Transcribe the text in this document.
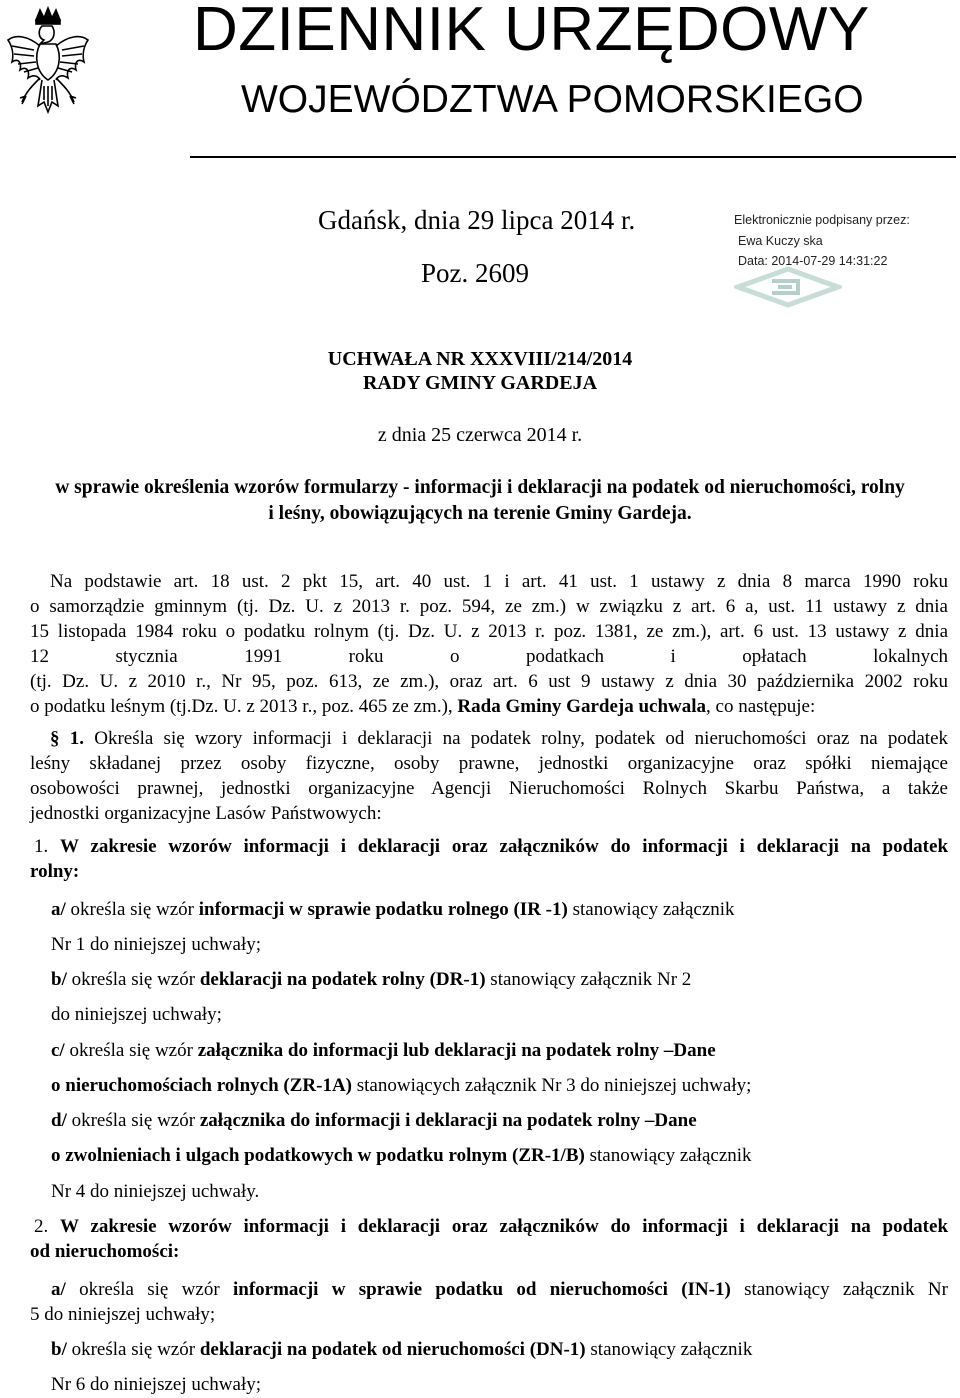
DZIENNIK URZĘDOWY
WOJEWÓDZTWA POMORSKIEGO
Gdańsk, dnia 29 lipca 2014 r.
Poz. 2609
Elektronicznie podpisany przez:
Ewa Kuczy ska
Data: 2014-07-29 14:31:22
UCHWAŁA NR XXXVIII/214/2014
RADY GMINY GARDEJA
z dnia 25 czerwca 2014 r.
w sprawie określenia wzorów formularzy - informacji i deklaracji na podatek od nieruchomości, rolny
i leśny, obowiązujących na terenie Gminy Gardeja.
Na podstawie art. 18 ust. 2 pkt 15, art. 40 ust. 1 i art. 41 ust. 1 ustawy z dnia 8 marca 1990 roku
o samorządzie gminnym (tj. Dz. U. z 2013 r. poz. 594, ze zm.) w związku z art. 6 a, ust. 11 ustawy z dnia
15 listopada 1984 roku o podatku rolnym (tj. Dz. U. z 2013 r. poz. 1381, ze zm.), art. 6 ust. 13 ustawy z dnia
12 stycznia 1991 roku o podatkach i opłatach lokalnych
(tj. Dz. U. z 2010 r., Nr 95, poz. 613, ze zm.), oraz art. 6 ust 9 ustawy z dnia 30 października 2002 roku
o podatku leśnym (tj.Dz. U. z 2013 r., poz. 465 ze zm.), Rada Gminy Gardeja uchwala, co następuje:
§ 1. Określa się wzory informacji i deklaracji na podatek rolny, podatek od nieruchomości oraz na podatek
leśny składanej przez osoby fizyczne, osoby prawne, jednostki organizacyjne oraz spółki niemające
osobowości prawnej, jednostki organizacyjne Agencji Nieruchomości Rolnych Skarbu Państwa, a także
jednostki organizacyjne Lasów Państwowych:
1. W zakresie wzorów informacji i deklaracji oraz załączników do informacji i deklaracji na podatek
rolny:
a/ określa się wzór informacji w sprawie podatku rolnego (IR -1) stanowiący załącznik
Nr 1 do niniejszej uchwały;
b/ określa się wzór deklaracji na podatek rolny (DR-1) stanowiący załącznik Nr 2
do niniejszej uchwały;
c/ określa się wzór załącznika do informacji lub deklaracji na podatek rolny –Dane
o nieruchomościach rolnych (ZR-1A) stanowiących załącznik Nr 3 do niniejszej uchwały;
d/ określa się wzór załącznika do informacji i deklaracji na podatek rolny –Dane
o zwolnieniach i ulgach podatkowych w podatku rolnym (ZR-1/B) stanowiący załącznik
Nr 4 do niniejszej uchwały.
2. W zakresie wzorów informacji i deklaracji oraz załączników do informacji i deklaracji na podatek
od nieruchomości:
a/ określa się wzór informacji w sprawie podatku od nieruchomości (IN-1) stanowiący załącznik Nr
5 do niniejszej uchwały;
b/ określa się wzór deklaracji na podatek od nieruchomości (DN-1) stanowiący załącznik
Nr 6 do niniejszej uchwały;
